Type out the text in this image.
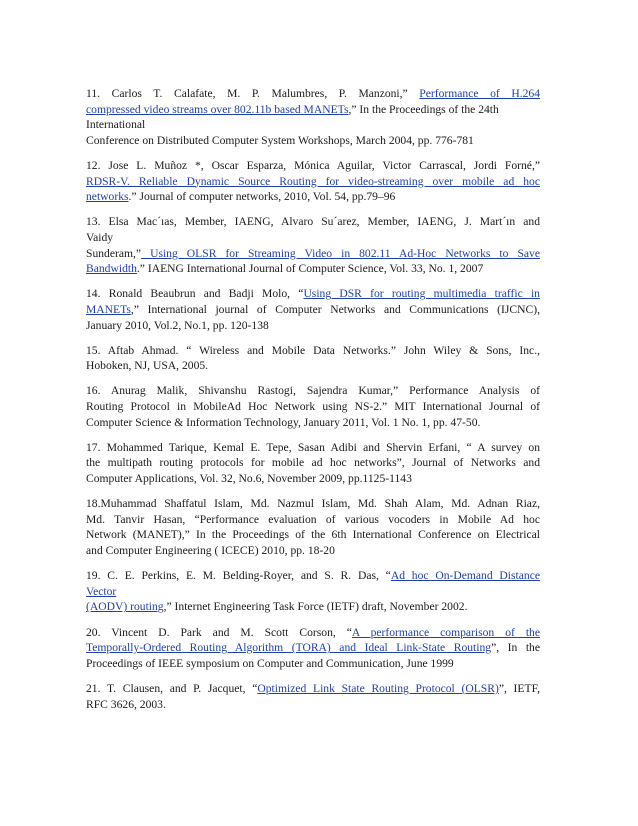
11. Carlos T. Calafate, M. P. Malumbres, P. Manzoni,” Performance of H.264
compressed video streams over 802.11b based MANETs,” In the Proceedings of the 24th
International
Conference on Distributed Computer System Workshops, March 2004, pp. 776-781
12. Jose L. Muñoz *, Oscar Esparza, Mónica Aguilar, Victor Carrascal, Jordi Forné,”
RDSR-V. Reliable Dynamic Source Routing for video-streaming over mobile ad hoc
networks.” Journal of computer networks, 2010, Vol. 54, pp.79–96
13. Elsa Mac´ıas, Member, IAENG, Alvaro Su´arez, Member, IAENG, J. Mart´ın and
Vaidy
Sunderam,” Using OLSR for Streaming Video in 802.11 Ad-Hoc Networks to Save
Bandwidth.” IAENG International Journal of Computer Science, Vol. 33, No. 1, 2007
14. Ronald Beaubrun and Badji Molo, “Using DSR for routing multimedia traffic in
MANETs,” International journal of Computer Networks and Communications (IJCNC),
January 2010, Vol.2, No.1, pp. 120-138
15. Aftab Ahmad. “ Wireless and Mobile Data Networks.” John Wiley & Sons, Inc.,
Hoboken, NJ, USA, 2005.
16. Anurag Malik, Shivanshu Rastogi, Sajendra Kumar,” Performance Analysis of
Routing Protocol in MobileAd Hoc Network using NS-2.” MIT International Journal of
Computer Science & Information Technology, January 2011, Vol. 1 No. 1, pp. 47-50.
17. Mohammed Tarique, Kemal E. Tepe, Sasan Adibi and Shervin Erfani, “ A survey on
the multipath routing protocols for mobile ad hoc networks”, Journal of Networks and
Computer Applications, Vol. 32, No.6, November 2009, pp.1125-1143
18.Muhammad Shaffatul Islam, Md. Nazmul Islam, Md. Shah Alam, Md. Adnan Riaz,
Md. Tanvir Hasan, “Performance evaluation of various vocoders in Mobile Ad hoc
Network (MANET),” In the Proceedings of the 6th International Conference on Electrical
and Computer Engineering ( ICECE) 2010, pp. 18-20
19. C. E. Perkins, E. M. Belding-Royer, and S. R. Das, “Ad hoc On-Demand Distance
Vector
(AODV) routing,” Internet Engineering Task Force (IETF) draft, November 2002.
20. Vincent D. Park and M. Scott Corson, “A performance comparison of the
Temporally-Ordered Routing Algorithm (TORA) and Ideal Link-State Routing”, In the
Proceedings of IEEE symposium on Computer and Communication, June 1999
21. T. Clausen, and P. Jacquet, “Optimized Link State Routing Protocol (OLSR)”, IETF,
RFC 3626, 2003.
